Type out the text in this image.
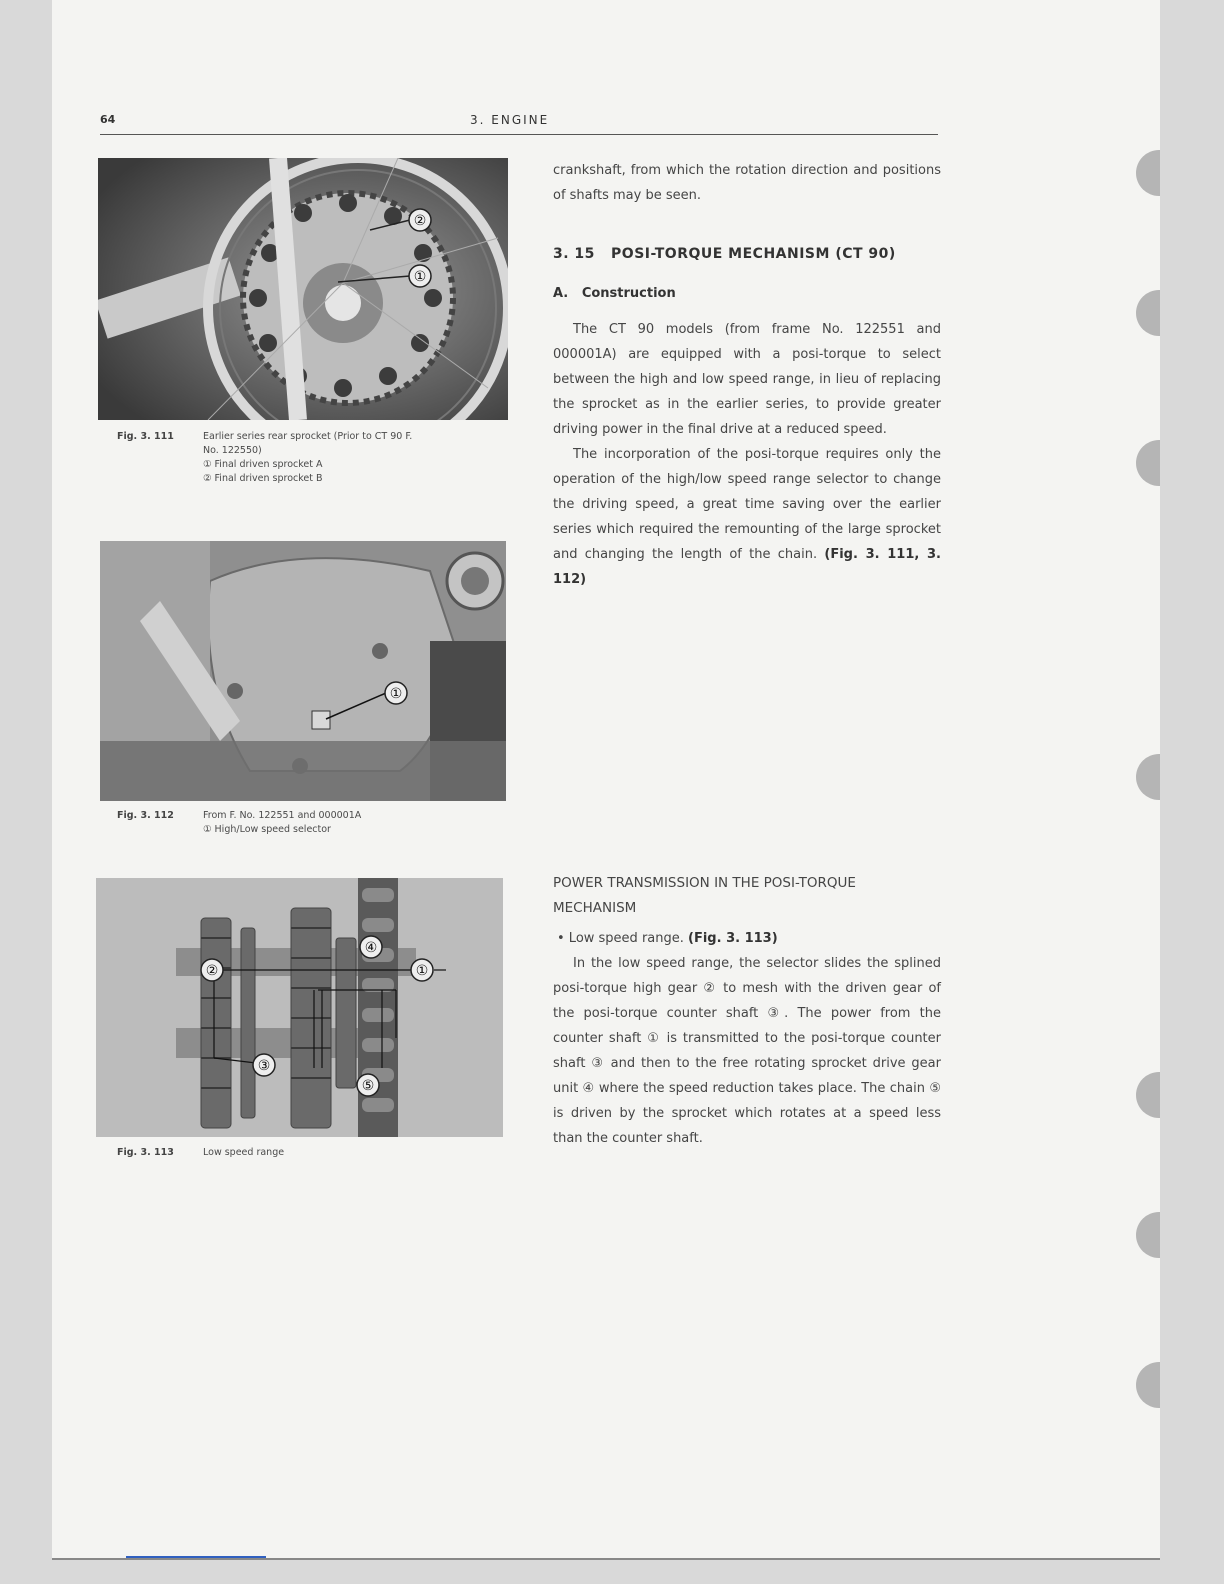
64	3. ENGINE
②
①
Fig. 3. 111	Earlier series rear sprocket (Prior to CT 90 F.
No. 122550)
① Final driven sprocket A
② Final driven sprocket B
①
Fig. 3. 112	From F. No. 122551 and 000001A
① High/Low speed selector
④
②	①
③
⑤
Fig. 3. 113	Low speed range
crankshaft, from which the rotation direction and positions of shafts may be seen.
3. 15   POSI-TORQUE MECHANISM (CT 90)
A.   Construction
The CT 90 models (from frame No. 122551 and 000001A) are equipped with a posi-torque to select between the high and low speed range, in lieu of replacing the sprocket as in the earlier series, to provide greater driving power in the final drive at a reduced speed.
The incorporation of the posi-torque requires only the operation of the high/low speed range selector to change the driving speed, a great time saving over the earlier series which required the remounting of the large sprocket and changing the length of the chain. (Fig. 3. 111, 3. 112)
POWER TRANSMISSION IN THE POSI-TORQUE MECHANISM
• Low speed range. (Fig. 3. 113)
In the low speed range, the selector slides the splined posi-torque high gear ② to mesh with the driven gear of the posi-torque counter shaft ③. The power from the counter shaft ① is transmitted to the posi-torque counter shaft ③ and then to the free rotating sprocket drive gear unit ④ where the speed reduction takes place. The chain ⑤ is driven by the sprocket which rotates at a speed less than the counter shaft.
